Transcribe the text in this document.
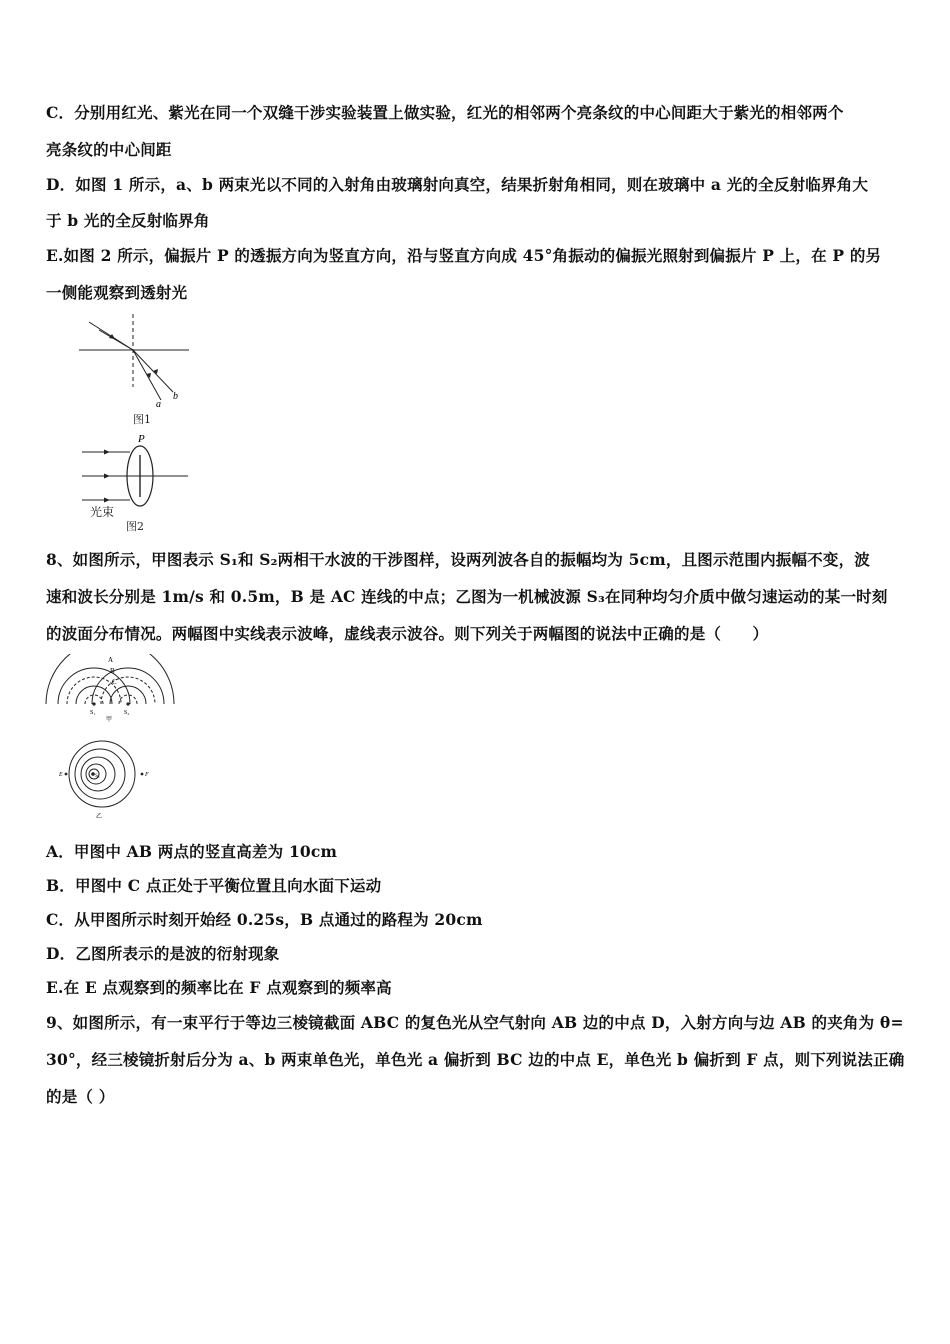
C．分别用红光、紫光在同一个双缝干涉实验装置上做实验，红光的相邻两个亮条纹的中心间距大于紫光的相邻两个
亮条纹的中心间距
D．如图 1 所示，a、b 两束光以不同的入射角由玻璃射向真空，结果折射角相同，则在玻璃中 a 光的全反射临界角大
于 b 光的全反射临界角
E.如图 2 所示，偏振片 P 的透振方向为竖直方向，沿与竖直方向成 45°角振动的偏振光照射到偏振片 P 上，在 P 的另
一侧能观察到透射光
a
b
图1
P
光束
图2
8、如图所示，甲图表示 S₁和 S₂两相干水波的干涉图样，设两列波各自的振幅均为 5cm，且图示范围内振幅不变，波
速和波长分别是 1m/s 和 0.5m，B 是 AC 连线的中点；乙图为一机械波源 S₃在同种均匀介质中做匀速运动的某一时刻
的波面分布情况。两幅图中实线表示波峰，虚线表示波谷。则下列关于两幅图的说法中正确的是（　　）
A
B
C
S₁	S₂
甲
E	F
S₃
乙
A．甲图中 AB 两点的竖直高差为 10cm
B．甲图中 C 点正处于平衡位置且向水面下运动
C．从甲图所示时刻开始经 0.25s，B 点通过的路程为 20cm
D．乙图所表示的是波的衍射现象
E.在 E 点观察到的频率比在 F 点观察到的频率高
9、如图所示，有一束平行于等边三棱镜截面 ABC 的复色光从空气射向 AB 边的中点 D，入射方向与边 AB 的夹角为 θ=
30°，经三棱镜折射后分为 a、b 两束单色光，单色光 a 偏折到 BC 边的中点 E，单色光 b 偏折到 F 点，则下列说法正确
的是（ ）
